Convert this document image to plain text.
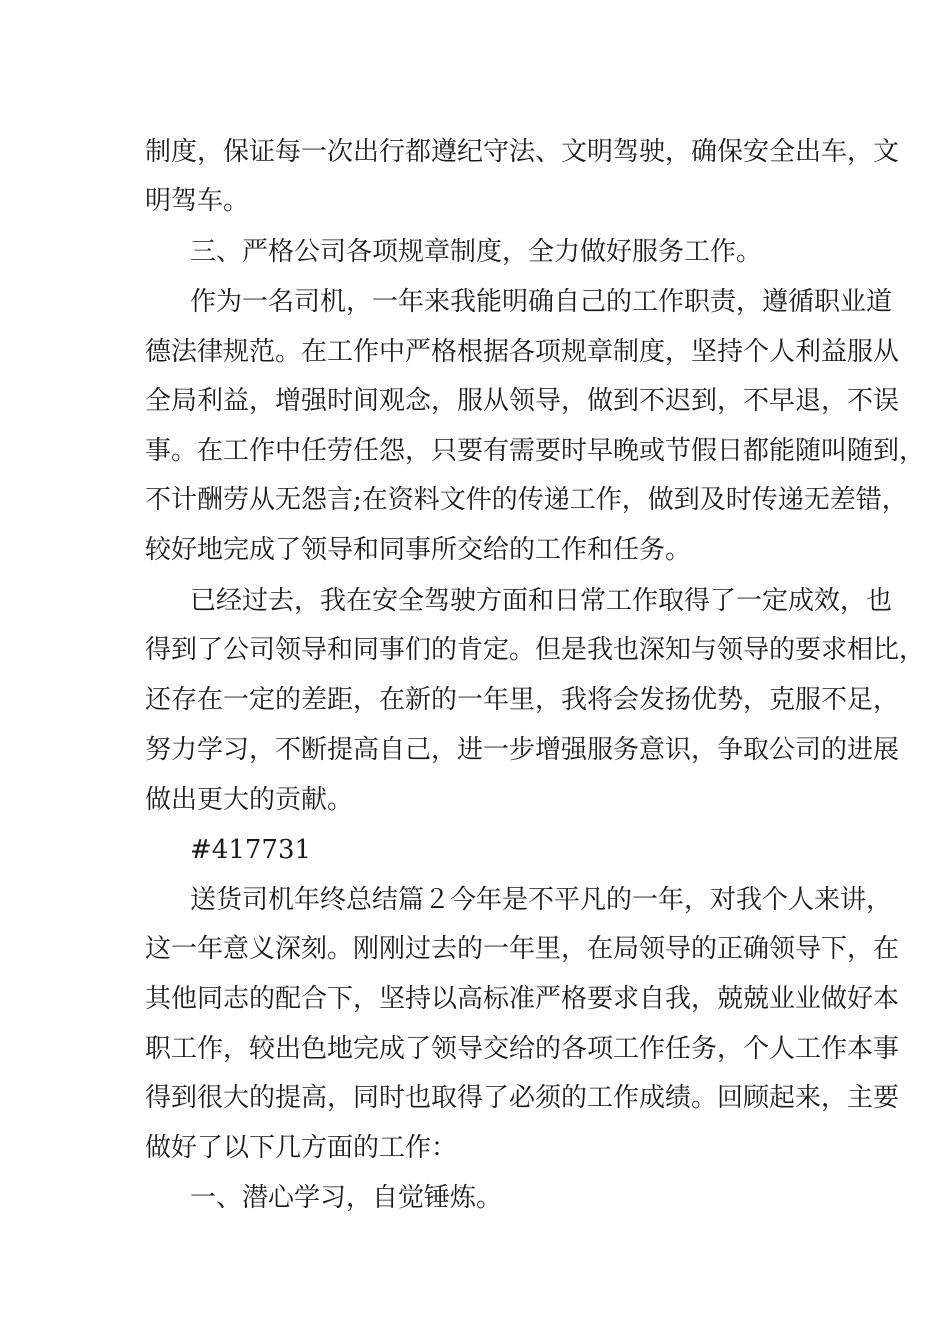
制度，保证每一次出行都遵纪守法、文明驾驶，确保安全出车，文
明驾车。
三、严格公司各项规章制度，全力做好服务工作。
作为一名司机，一年来我能明确自己的工作职责，遵循职业道
德法律规范。在工作中严格根据各项规章制度，坚持个人利益服从
全局利益，增强时间观念，服从领导，做到不迟到，不早退，不误
事。在工作中任劳任怨，只要有需要时早晚或节假日都能随叫随到，
不计酬劳从无怨言;在资料文件的传递工作，做到及时传递无差错，
较好地完成了领导和同事所交给的工作和任务。
已经过去，我在安全驾驶方面和日常工作取得了一定成效，也
得到了公司领导和同事们的肯定。但是我也深知与领导的要求相比，
还存在一定的差距，在新的一年里，我将会发扬优势，克服不足，
努力学习，不断提高自己，进一步增强服务意识，争取公司的进展
做出更大的贡献。
#417731
送货司机年终总结篇２今年是不平凡的一年，对我个人来讲，
这一年意义深刻。刚刚过去的一年里，在局领导的正确领导下，在
其他同志的配合下，坚持以高标准严格要求自我，兢兢业业做好本
职工作，较出色地完成了领导交给的各项工作任务，个人工作本事
得到很大的提高，同时也取得了必须的工作成绩。回顾起来，主要
做好了以下几方面的工作：
一、潜心学习，自觉锤炼。
